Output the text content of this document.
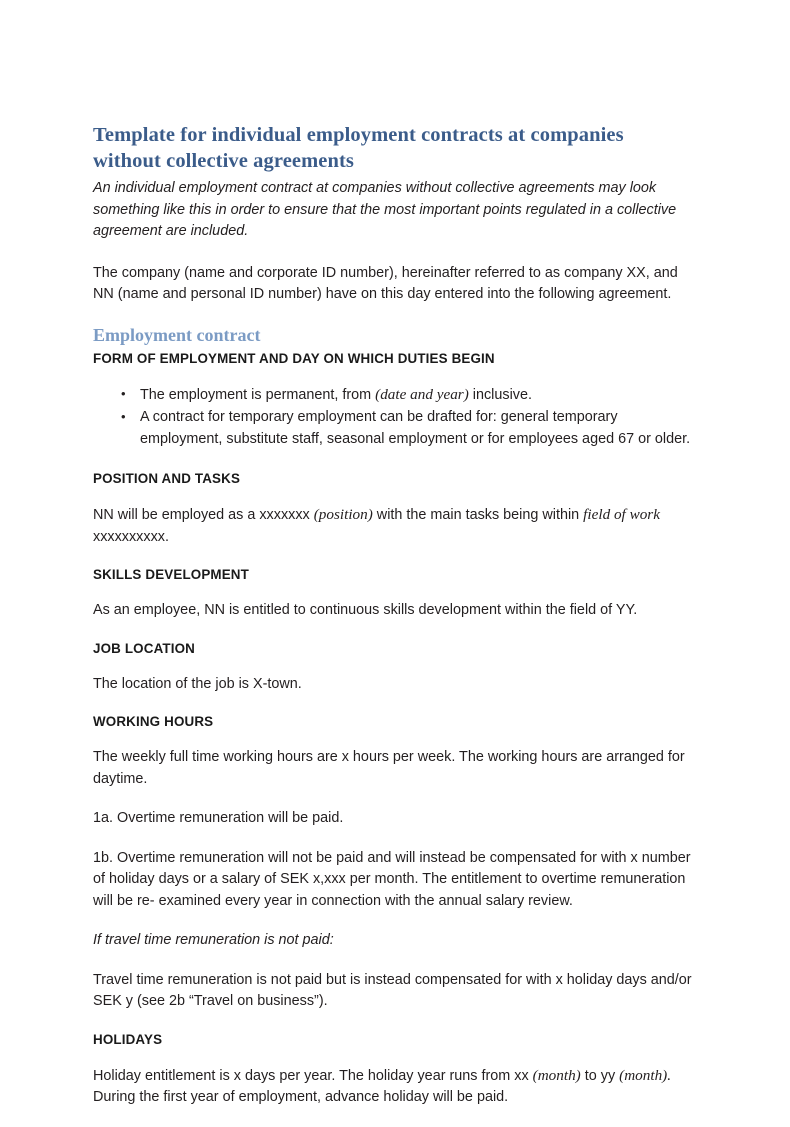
Template for individual employment contracts at companies without collective agreements

An individual employment contract at companies without collective agreements may look something like this in order to ensure that the most important points regulated in a collective agreement are included.

The company (name and corporate ID number), hereinafter referred to as company XX, and NN (name and personal ID number) have on this day entered into the following agreement.

Employment contract
FORM OF EMPLOYMENT AND DAY ON WHICH DUTIES BEGIN
• The employment is permanent, from (date and year) inclusive.
• A contract for temporary employment can be drafted for: general temporary employment, substitute staff, seasonal employment or for employees aged 67 or older.
POSITION AND TASKS

NN will be employed as a xxxxxxx (position) with the main tasks being within field of work xxxxxxxxxx.

SKILLS DEVELOPMENT

As an employee, NN is entitled to continuous skills development within the field of YY.

JOB LOCATION

The location of the job is X-town.

WORKING HOURS

The weekly full time working hours are x hours per week. The working hours are arranged for daytime.

1a. Overtime remuneration will be paid.

1b. Overtime remuneration will not be paid and will instead be compensated for with x number of holiday days or a salary of SEK x,xxx per month. The entitlement to overtime remuneration will be re- examined every year in connection with the annual salary review.

If travel time remuneration is not paid:

Travel time remuneration is not paid but is instead compensated for with x holiday days and/or SEK y (see 2b “Travel on business”).

HOLIDAYS

Holiday entitlement is x days per year. The holiday year runs from xx (month) to yy (month). During the first year of employment, advance holiday will be paid.
